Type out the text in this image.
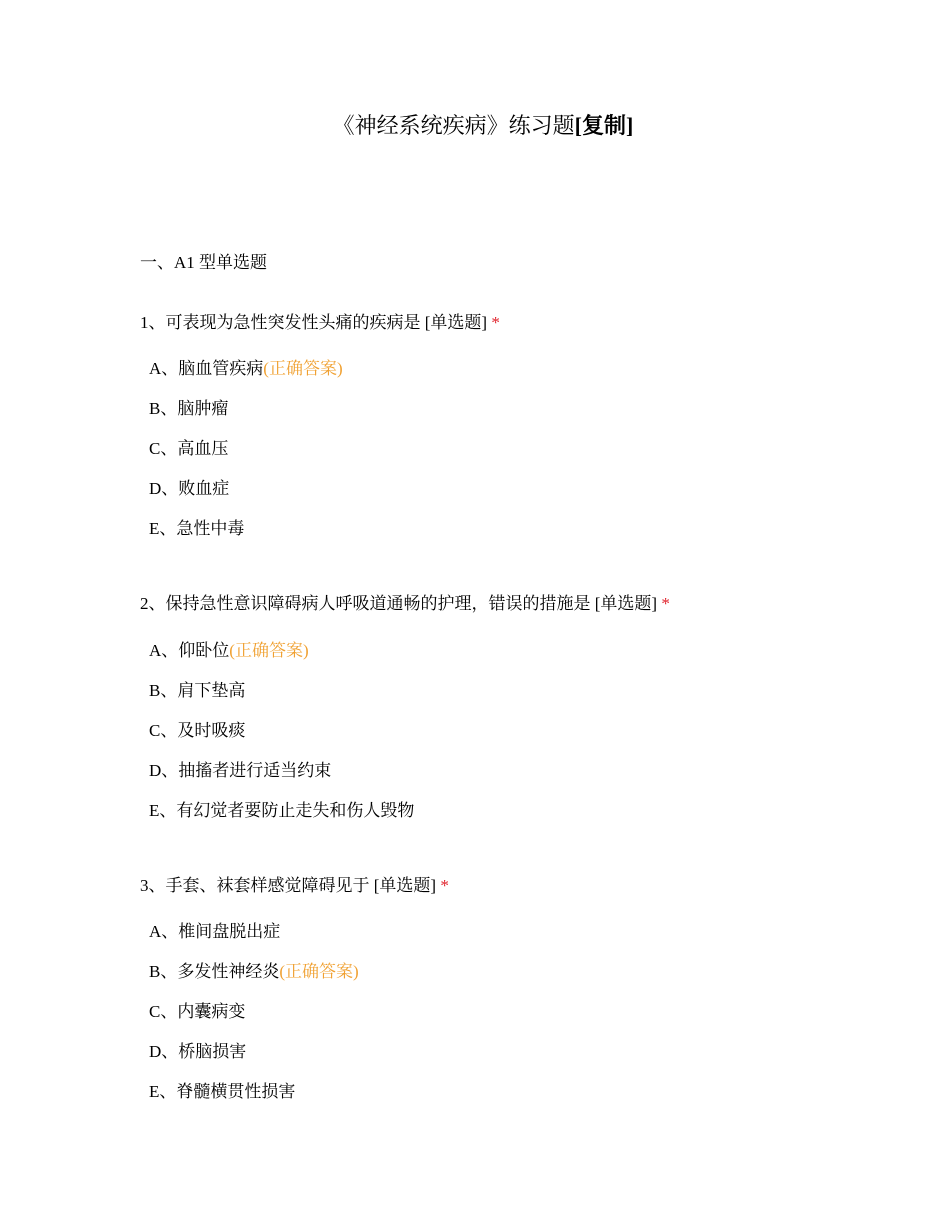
《神经系统疾病》练习题[复制]
一、A1 型单选题

1、可表现为急性突发性头痛的疾病是 [单选题] *

A、脑血管疾病(正确答案)
B、脑肿瘤
C、高血压
D、败血症
E、急性中毒

2、保持急性意识障碍病人呼吸道通畅的护理，错误的措施是 [单选题] *

A、仰卧位(正确答案)
B、肩下垫高
C、及时吸痰
D、抽搐者进行适当约束
E、有幻觉者要防止走失和伤人毁物

3、手套、袜套样感觉障碍见于 [单选题] *

A、椎间盘脱出症
B、多发性神经炎(正确答案)
C、内囊病变
D、桥脑损害
E、脊髓横贯性损害
